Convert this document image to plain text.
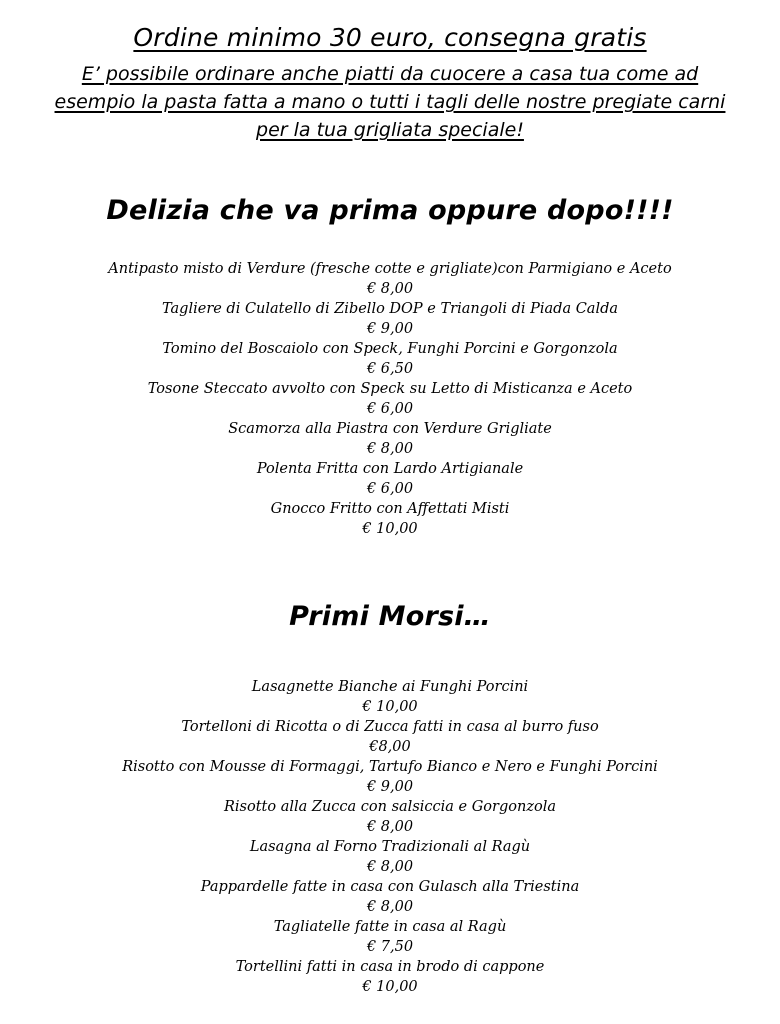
Ordine minimo 30 euro, consegna gratis
E’ possibile ordinare anche piatti da cuocere a casa tua come ad esempio la pasta fatta a mano o tutti i tagli delle nostre pregiate carni per la tua grigliata speciale!
Delizia che va prima oppure dopo!!!!
Antipasto misto di Verdure (fresche cotte e grigliate)con Parmigiano e Aceto
€ 8,00
Tagliere di Culatello di Zibello DOP e Triangoli di Piada Calda
€ 9,00
Tomino del Boscaiolo con Speck, Funghi Porcini e Gorgonzola
€ 6,50
Tosone Steccato avvolto con Speck su Letto di Misticanza e Aceto
€ 6,00
Scamorza alla Piastra con Verdure Grigliate
€ 8,00
Polenta Fritta con Lardo Artigianale
€ 6,00
Gnocco Fritto con Affettati Misti
€ 10,00
Primi Morsi…
Lasagnette Bianche ai Funghi Porcini
€ 10,00
Tortelloni di Ricotta o di Zucca fatti in casa al burro fuso
€8,00
Risotto con Mousse di Formaggi, Tartufo Bianco e Nero e Funghi Porcini
€ 9,00
Risotto alla Zucca con salsiccia e Gorgonzola
€ 8,00
Lasagna al Forno Tradizionali al Ragù
€ 8,00
Pappardelle fatte in casa con Gulasch alla Triestina
€ 8,00
Tagliatelle fatte in casa al Ragù
€ 7,50
Tortellini fatti in casa in brodo di cappone
€ 10,00
